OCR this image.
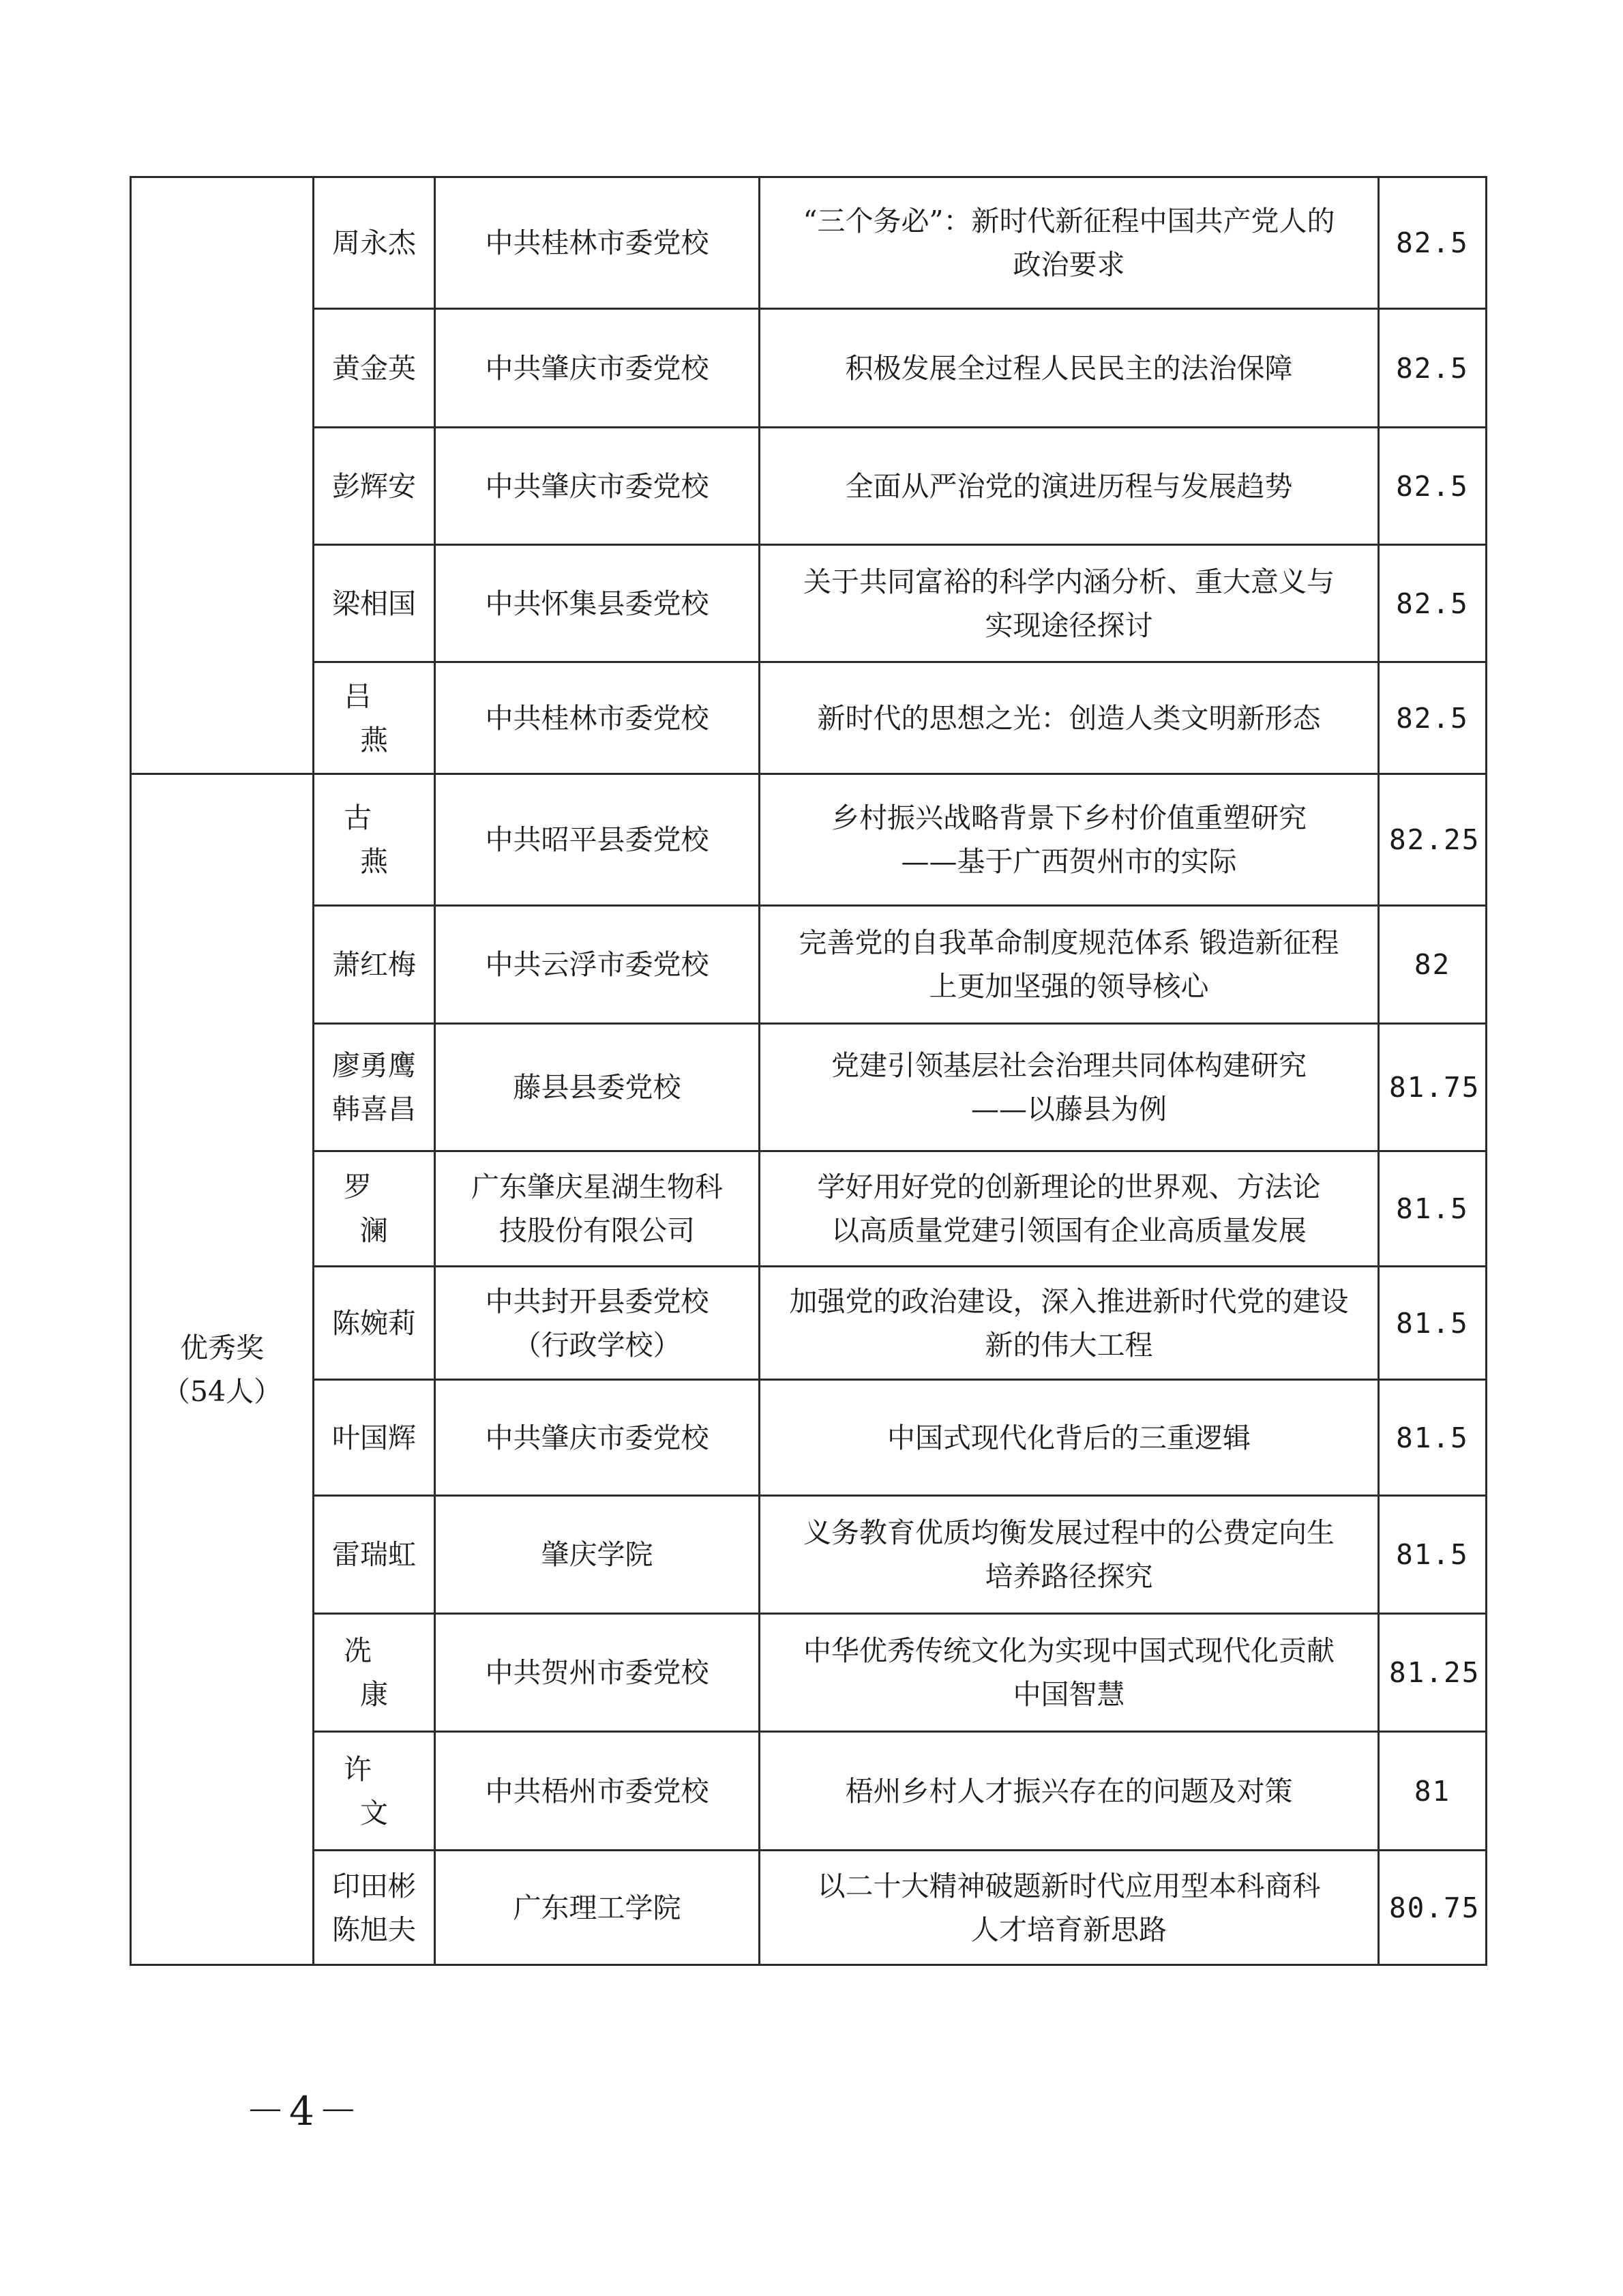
	周永杰	中共桂林市委党校	“三个务必”：新时代新征程中国共产党人的
政治要求	82.5
	黄金英	中共肇庆市委党校	积极发展全过程人民民主的法治保障	82.5
	彭辉安	中共肇庆市委党校	全面从严治党的演进历程与发展趋势	82.5
	梁相国	中共怀集县委党校	关于共同富裕的科学内涵分析、重大意义与
实现途径探讨	82.5
	吕燕	中共桂林市委党校	新时代的思想之光：创造人类文明新形态	82.5

优秀奖
（54人）	古燕	中共昭平县委党校	乡村振兴战略背景下乡村价值重塑研究
——基于广西贺州市的实际	82.25
	萧红梅	中共云浮市委党校	完善党的自我革命制度规范体系 锻造新征程
上更加坚强的领导核心	82
	廖勇鹰
韩喜昌	藤县县委党校	党建引领基层社会治理共同体构建研究
——以藤县为例	81.75
	罗澜	广东肇庆星湖生物科
技股份有限公司	学好用好党的创新理论的世界观、方法论
以高质量党建引领国有企业高质量发展	81.5
	陈婉莉	中共封开县委党校
（行政学校）	加强党的政治建设，深入推进新时代党的建设
新的伟大工程	81.5
	叶国辉	中共肇庆市委党校	中国式现代化背后的三重逻辑	81.5
	雷瑞虹	肇庆学院	义务教育优质均衡发展过程中的公费定向生
培养路径探究	81.5
	冼康	中共贺州市委党校	中华优秀传统文化为实现中国式现代化贡献
中国智慧	81.25
	许文	中共梧州市委党校	梧州乡村人才振兴存在的问题及对策	81
	印田彬
陈旭夫	广东理工学院	以二十大精神破题新时代应用型本科商科
人才培育新思路	80.75
－4－
